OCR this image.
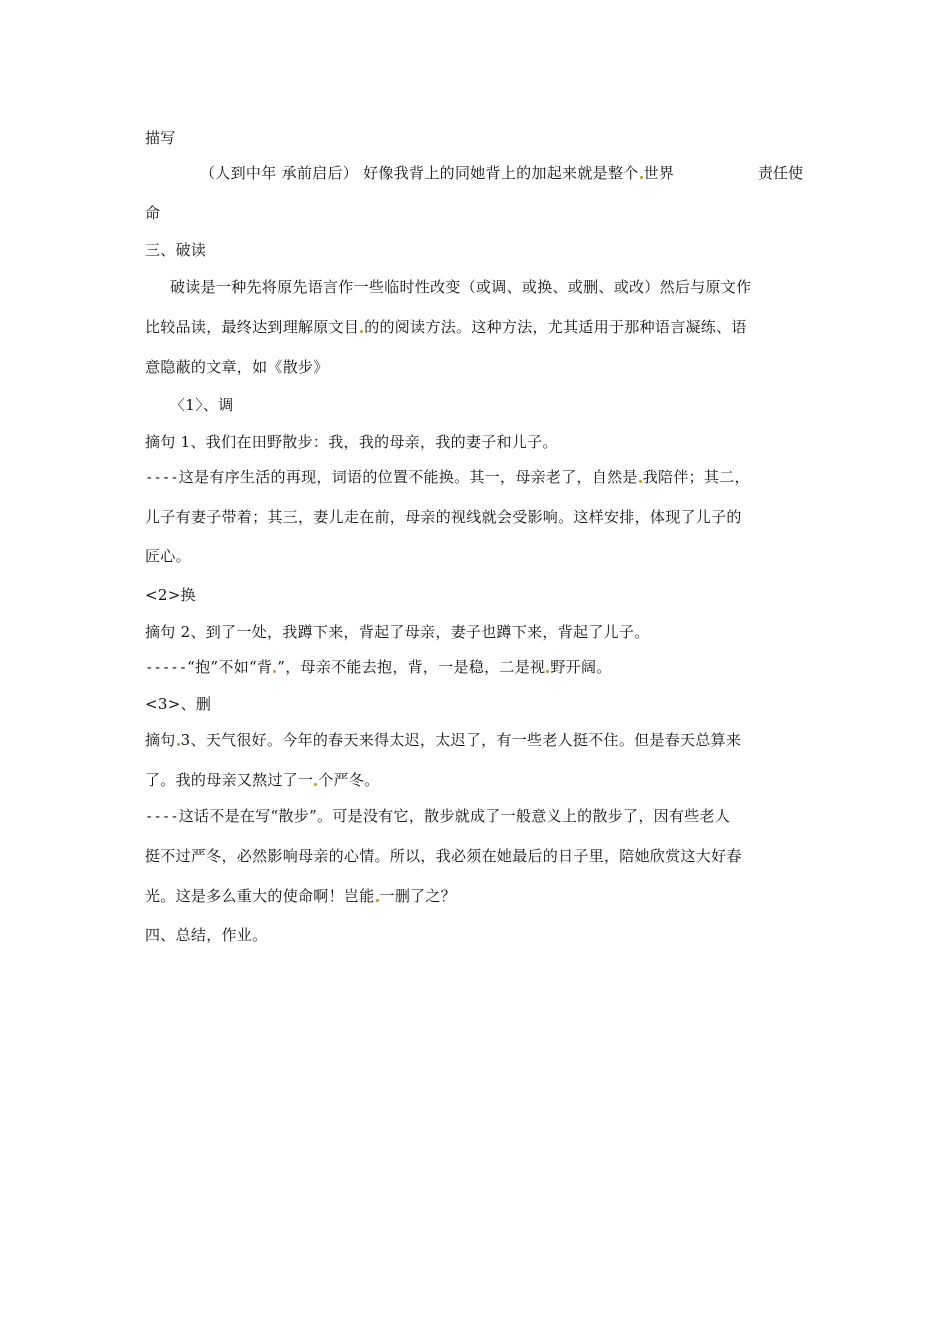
描写
（人到中年 承前启后） 好像我背上的同她背上的加起来就是整个 世界	责任使
命
三、破读
破读是一种先将原先语言作一些临时性改变（或调、或换、或删、或改）然后与原文作
比较品读，最终达到理解原文目 的的阅读方法。这种方法，尤其适用于那种语言凝练、语
意隐蔽的文章，如《散步》
〈1〉、调
摘句 1、我们在田野散步：我，我的母亲，我的妻子和儿子。
----这是有序生活的再现，词语的位置不能换。其一，母亲老了，自然是 我陪伴；其二，
儿子有妻子带着；其三，妻儿走在前，母亲的视线就会受影响。这样安排，体现了儿子的
匠心。
<2>换
摘句 2、到了一处，我蹲下来，背起了母亲，妻子也蹲下来，背起了儿子。
-----“抱”不如“背 ”，母亲不能去抱，背，一是稳，二是视 野开阔。
<3>、删
摘句 3、天气很好。今年的春天来得太迟，太迟了，有一些老人挺不住。但是春天总算来
了。我的母亲又熬过了一 个严冬。
----这话不是在写“散步”。可是没有它，散步就成了一般意义上的散步了，因有些老人
挺不过严冬，必然影响母亲的心情。所以，我必须在她最后的日子里，陪她欣赏这大好春
光。这是多么重大的使命啊！岂能 一删了之？
四、总结，作业。
